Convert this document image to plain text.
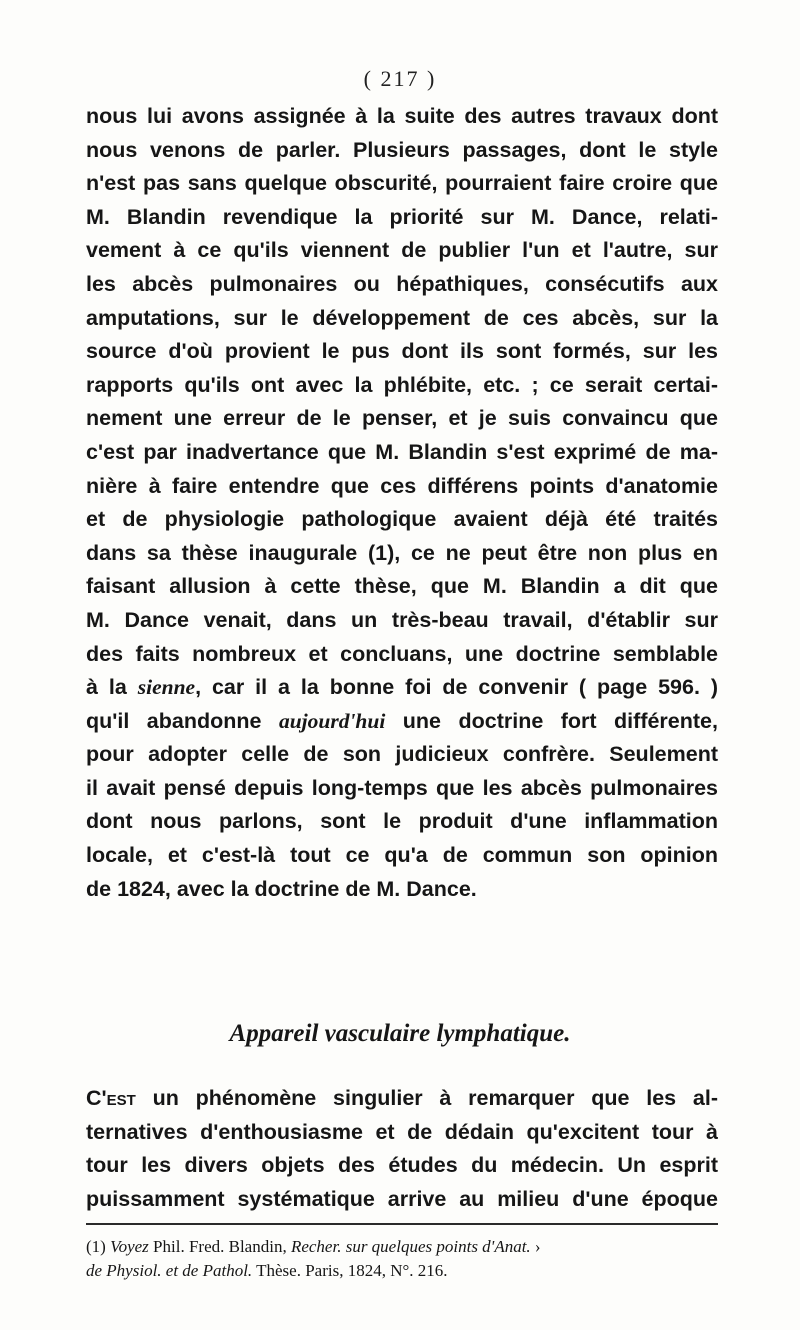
( 217 )
nous lui avons assignée à la suite des autres travaux dont
nous venons de parler. Plusieurs passages, dont le style
n'est pas sans quelque obscurité, pourraient faire croire que
M. Blandin revendique la priorité sur M. Dance, relati-
vement à ce qu'ils viennent de publier l'un et l'autre, sur
les abcès pulmonaires ou hépathiques, consécutifs aux
amputations, sur le développement de ces abcès, sur la
source d'où provient le pus dont ils sont formés, sur les
rapports qu'ils ont avec la phlébite, etc. ; ce serait certai-
nement une erreur de le penser, et je suis convaincu que
c'est par inadvertance que M. Blandin s'est exprimé de ma-
nière à faire entendre que ces différens points d'anatomie
et de physiologie pathologique avaient déjà été traités
dans sa thèse inaugurale (1), ce ne peut être non plus en
faisant allusion à cette thèse, que M. Blandin a dit que
M. Dance venait, dans un très-beau travail, d'établir sur
des faits nombreux et concluans, une doctrine semblable
à la sienne, car il a la bonne foi de convenir ( page 596. )
qu'il abandonne aujourd'hui une doctrine fort différente,
pour adopter celle de son judicieux confrère. Seulement
il avait pensé depuis long-temps que les abcès pulmonaires
dont nous parlons, sont le produit d'une inflammation
locale, et c'est-là tout ce qu'a de commun son opinion
de 1824, avec la doctrine de M. Dance.
Appareil vasculaire lymphatique.
C'est un phénomène singulier à remarquer que les al-
ternatives d'enthousiasme et de dédain qu'excitent tour à
tour les divers objets des études du médecin. Un esprit
puissamment systématique arrive au milieu d'une époque
(1) Voyez Phil. Fred. Blandin, Recher. sur quelques points d'Anat. ›
de Physiol. et de Pathol. Thèse. Paris, 1824, N°. 216.
